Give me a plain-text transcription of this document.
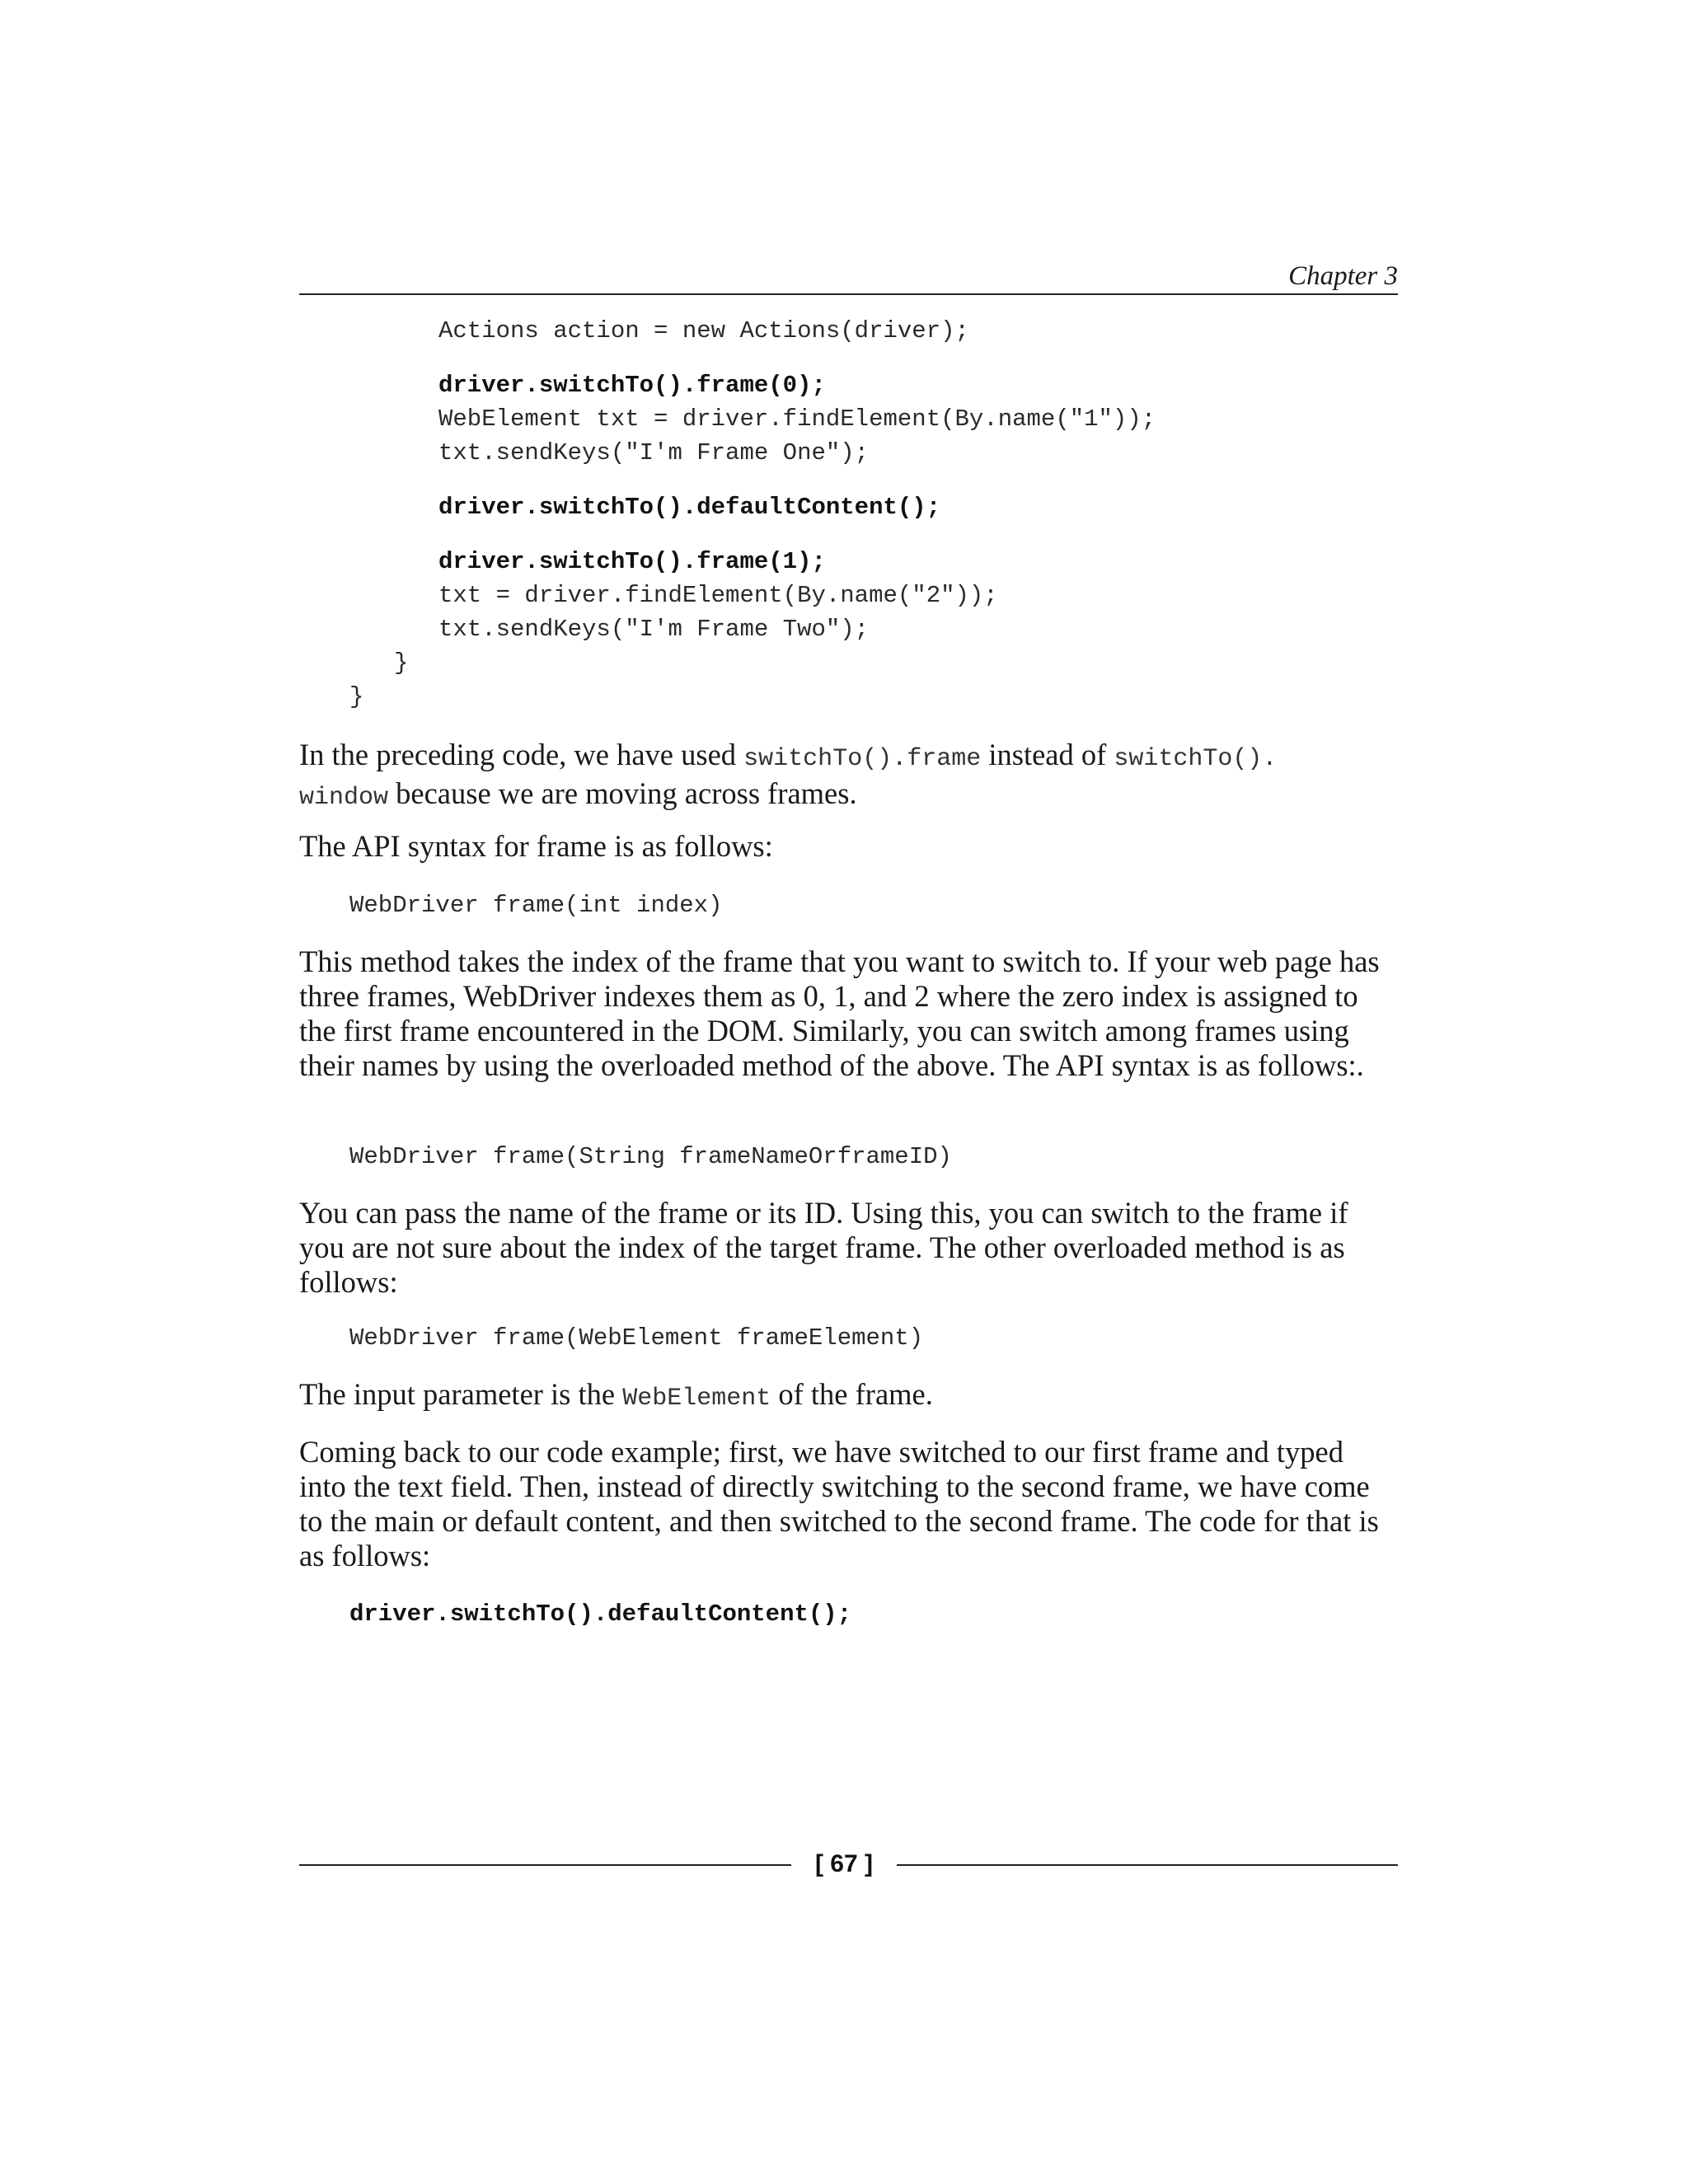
Chapter 3
Actions action = new Actions(driver);
driver.switchTo().frame(0);
WebElement txt = driver.findElement(By.name("1"));
txt.sendKeys("I'm Frame One");
driver.switchTo().defaultContent();
driver.switchTo().frame(1);
txt = driver.findElement(By.name("2"));
txt.sendKeys("I'm Frame Two");
}
}
In the preceding code, we have used switchTo().frame instead of switchTo().
window because we are moving across frames.
The API syntax for frame is as follows:
WebDriver frame(int index)
This method takes the index of the frame that you want to switch to. If your web page has three frames, WebDriver indexes them as 0, 1, and 2 where the zero index is assigned to the first frame encountered in the DOM. Similarly, you can switch among frames using their names by using the overloaded method of the above. The API syntax is as follows:.
WebDriver frame(String frameNameOrframeID)
You can pass the name of the frame or its ID. Using this, you can switch to the frame if you are not sure about the index of the target frame. The other overloaded method is as follows:
WebDriver frame(WebElement frameElement)
The input parameter is the WebElement of the frame.
Coming back to our code example; first, we have switched to our first frame and typed into the text field. Then, instead of directly switching to the second frame, we have come to the main or default content, and then switched to the second frame. The code for that is as follows:
driver.switchTo().defaultContent();
[ 67 ]
